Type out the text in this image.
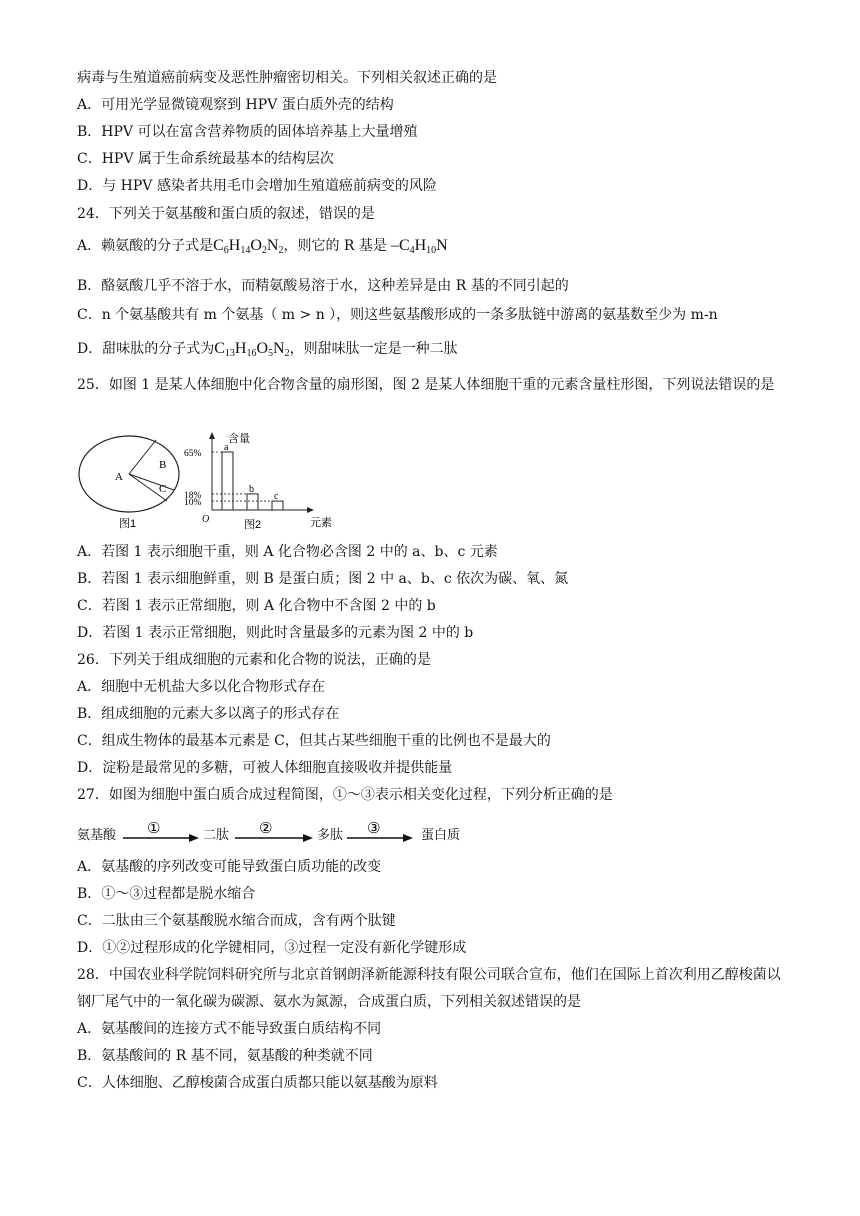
病毒与生殖道癌前病变及恶性肿瘤密切相关。下列相关叙述正确的是
A．可用光学显微镜观察到 HPV 蛋白质外壳的结构
B．HPV 可以在富含营养物质的固体培养基上大量增殖
C．HPV 属于生命系统最基本的结构层次
D．与 HPV 感染者共用毛巾会增加生殖道癌前病变的风险
24．下列关于氨基酸和蛋白质的叙述，错误的是
A．赖氨酸的分子式是$C_6H_{14}O_2N_2$，则它的 R 基是 $-C_4H_{10}N$
B．酪氨酸几乎不溶于水，而精氨酸易溶于水，这种差异是由 R 基的不同引起的
C．n 个氨基酸共有 m 个氨基（ m > n ），则这些氨基酸形成的一条多肽链中游离的氨基数至少为 m-n
D．甜味肽的分子式为$C_{13}H_{16}O_5N_2$，则甜味肽一定是一种二肽
25．如图 1 是某人体细胞中化合物含量的扇形图，图 2 是某人体细胞干重的元素含量柱形图，下列说法错误的是
A
B
C
图1
含量
元素
O	图2
a
65%
b
18%	c
10%
A．若图 1 表示细胞干重，则 A 化合物必含图 2 中的 a、b、c 元素
B．若图 1 表示细胞鲜重，则 B 是蛋白质；图 2 中 a、b、c 依次为碳、氧、氮
C．若图 1 表示正常细胞，则 A 化合物中不含图 2 中的 b
D．若图 1 表示正常细胞，则此时含量最多的元素为图 2 中的 b
26．下列关于组成细胞的元素和化合物的说法，正确的是
A．细胞中无机盐大多以化合物形式存在
B．组成细胞的元素大多以离子的形式存在
C．组成生物体的最基本元素是 C，但其占某些细胞干重的比例也不是最大的
D．淀粉是最常见的多糖，可被人体细胞直接吸收并提供能量
27．如图为细胞中蛋白质合成过程简图，①～③表示相关变化过程，下列分析正确的是
氨基酸 ①	二肽 ②	多肽 ③	蛋白质
A．氨基酸的序列改变可能导致蛋白质功能的改变
B．①～③过程都是脱水缩合
C．二肽由三个氨基酸脱水缩合而成，含有两个肽键
D．①②过程形成的化学键相同，③过程一定没有新化学键形成
28．中国农业科学院饲料研究所与北京首钢朗泽新能源科技有限公司联合宣布，他们在国际上首次利用乙醇梭菌以钢厂尾气中的一氧化碳为碳源、氨水为氮源，合成蛋白质，下列相关叙述错误的是
A．氨基酸间的连接方式不能导致蛋白质结构不同
B．氨基酸间的 R 基不同，氨基酸的种类就不同
C．人体细胞、乙醇梭菌合成蛋白质都只能以氨基酸为原料
